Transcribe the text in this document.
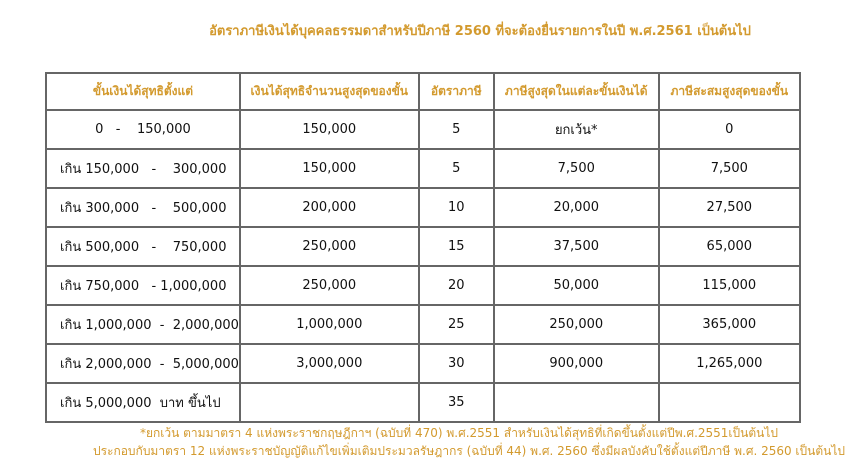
อัตราภาษีเงินได้บุคคลธรรมดาสำหรับปีภาษี 2560 ที่จะต้องยื่นรายการในปี พ.ศ.2561 เป็นต้นไป
ขั้นเงินได้สุทธิตั้งแต่	เงินได้สุทธิจำนวนสูงสุดของขั้น	อัตราภาษี	ภาษีสูงสุดในแต่ละขั้นเงินได้	ภาษีสะสมสูงสุดของขั้น
0   -    150,000	150,000	5	ยกเว้น*	0
เกิน 150,000   -    300,000	150,000	5	7,500	7,500
เกิน 300,000   -    500,000	200,000	10	20,000	27,500
เกิน 500,000   -    750,000	250,000	15	37,500	65,000
เกิน 750,000   - 1,000,000	250,000	20	50,000	115,000
เกิน 1,000,000  -  2,000,000	1,000,000	25	250,000	365,000
เกิน 2,000,000  -  5,000,000	3,000,000	30	900,000	1,265,000
เกิน 5,000,000  บาท ขึ้นไป		35		
*ยกเว้น ตามมาตรา 4 แห่งพระราชกฤษฎีกาฯ (ฉบับที่ 470) พ.ศ.2551 สำหรับเงินได้สุทธิที่เกิดขึ้นตั้งแต่ปีพ.ศ.2551เป็นต้นไป
ประกอบกับมาตรา 12 แห่งพระราชบัญญัติแก้ไขเพิ่มเติมประมวลรัษฎากร (ฉบับที่ 44) พ.ศ. 2560 ซึ่งมีผลบังคับใช้ตั้งแต่ปีภาษี พ.ศ. 2560 เป็นต้นไป
